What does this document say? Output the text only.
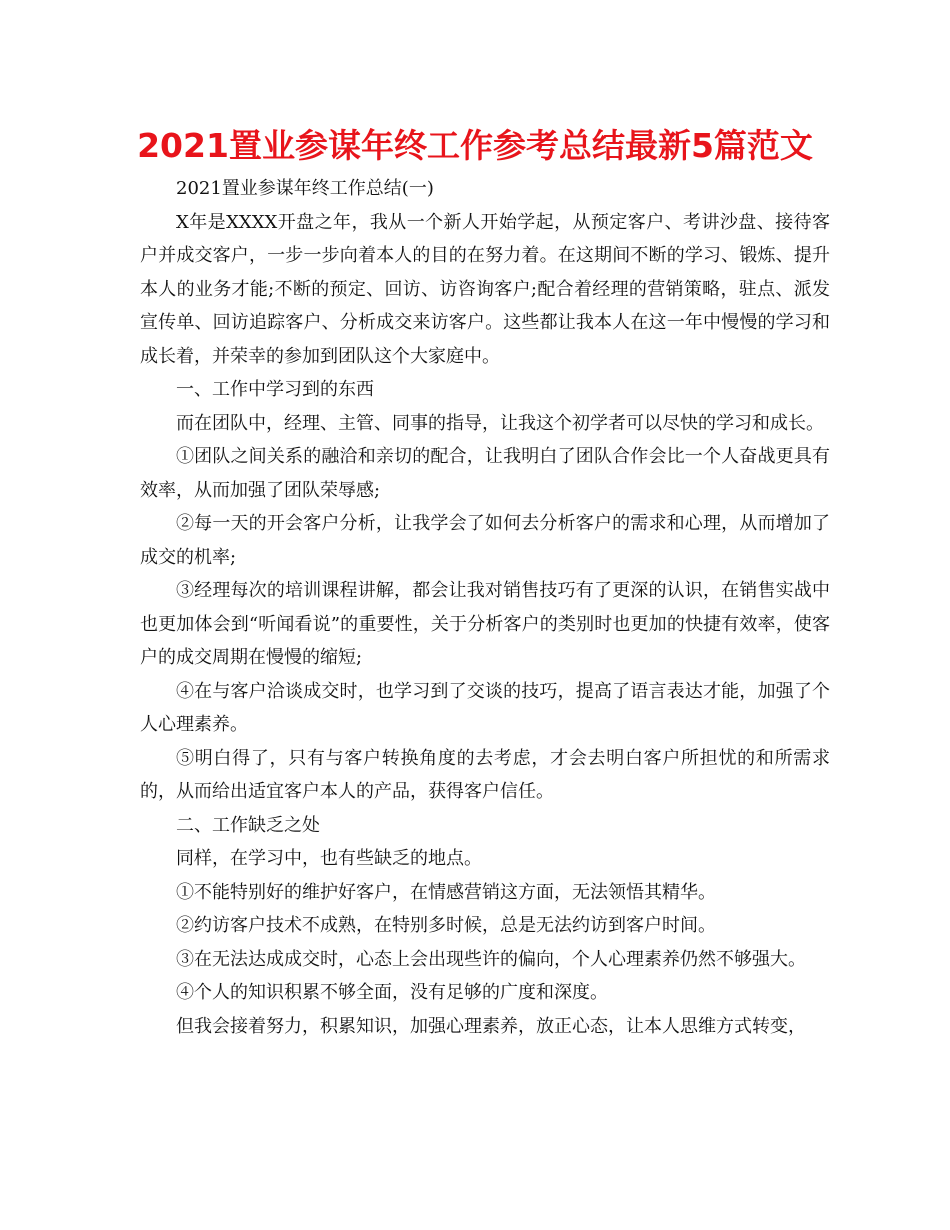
2021置业参谋年终工作参考总结最新5篇范文

2021置业参谋年终工作总结(一)

X年是XXXX开盘之年，我从一个新人开始学起，从预定客户、考讲沙盘、接待客户并成交客户，一步一步向着本人的目的在努力着。在这期间不断的学习、锻炼、提升本人的业务才能;不断的预定、回访、访咨询客户;配合着经理的营销策略，驻点、派发宣传单、回访追踪客户、分析成交来访客户。这些都让我本人在这一年中慢慢的学习和成长着，并荣幸的参加到团队这个大家庭中。

一、工作中学习到的东西

而在团队中，经理、主管、同事的指导，让我这个初学者可以尽快的学习和成长。

①团队之间关系的融洽和亲切的配合，让我明白了团队合作会比一个人奋战更具有效率，从而加强了团队荣辱感;

②每一天的开会客户分析，让我学会了如何去分析客户的需求和心理，从而增加了成交的机率;

③经理每次的培训课程讲解，都会让我对销售技巧有了更深的认识，在销售实战中也更加体会到“听闻看说”的重要性，关于分析客户的类别时也更加的快捷有效率，使客户的成交周期在慢慢的缩短;

④在与客户洽谈成交时，也学习到了交谈的技巧，提高了语言表达才能，加强了个人心理素养。

⑤明白得了，只有与客户转换角度的去考虑，才会去明白客户所担忧的和所需求的，从而给出适宜客户本人的产品，获得客户信任。

二、工作缺乏之处

同样，在学习中，也有些缺乏的地点。

①不能特别好的维护好客户，在情感营销这方面，无法领悟其精华。

②约访客户技术不成熟，在特别多时候，总是无法约访到客户时间。

③在无法达成成交时，心态上会出现些许的偏向，个人心理素养仍然不够强大。

④个人的知识积累不够全面，没有足够的广度和深度。

但我会接着努力，积累知识，加强心理素养，放正心态，让本人思维方式转变，
